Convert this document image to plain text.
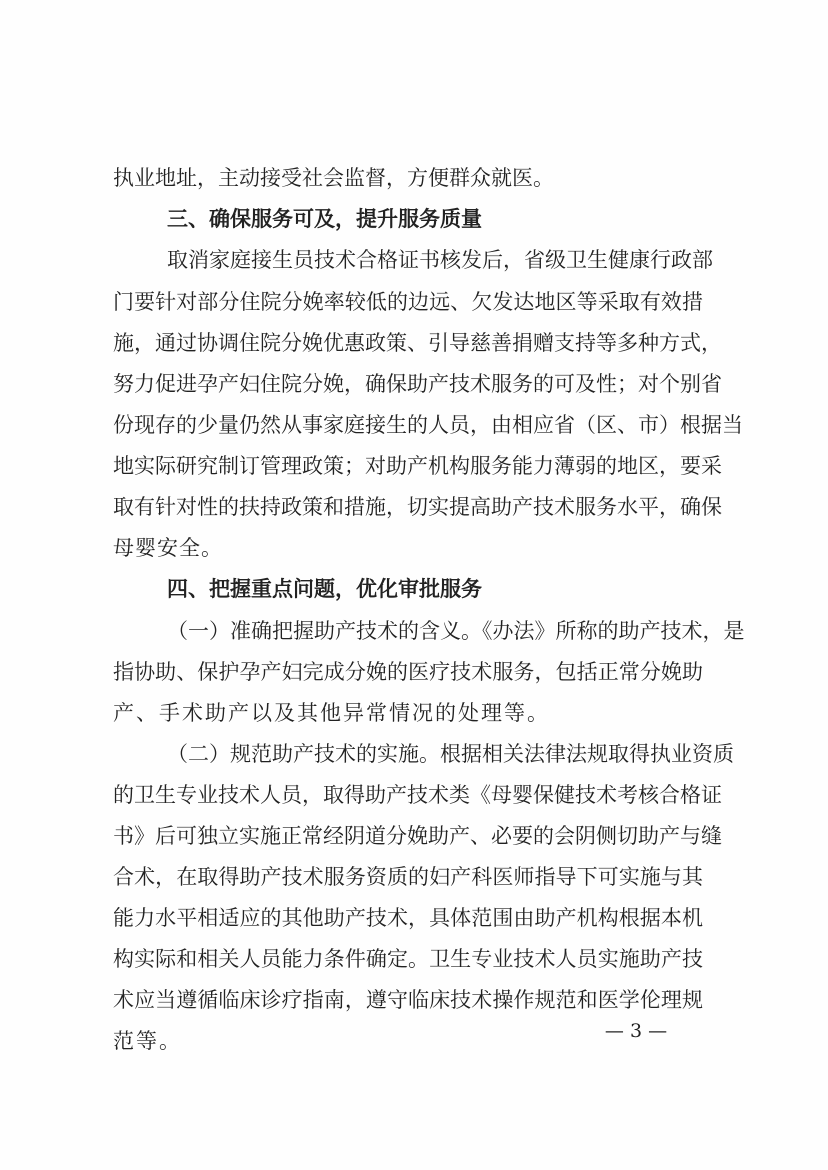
执业地址，主动接受社会监督，方便群众就医。
三、确保服务可及，提升服务质量
取消家庭接生员技术合格证书核发后，省级卫生健康行政部
门要针对部分住院分娩率较低的边远、欠发达地区等采取有效措
施，通过协调住院分娩优惠政策、引导慈善捐赠支持等多种方式，
努力促进孕产妇住院分娩，确保助产技术服务的可及性；对个别省
份现存的少量仍然从事家庭接生的人员，由相应省（区、市）根据当
地实际研究制订管理政策；对助产机构服务能力薄弱的地区，要采
取有针对性的扶持政策和措施，切实提高助产技术服务水平，确保
母婴安全。
四、把握重点问题，优化审批服务
（一）准确把握助产技术的含义。《办法》所称的助产技术，是
指协助、保护孕产妇完成分娩的医疗技术服务，包括正常分娩助
产、手术助产以及其他异常情况的处理等。
（二）规范助产技术的实施。根据相关法律法规取得执业资质
的卫生专业技术人员，取得助产技术类《母婴保健技术考核合格证
书》后可独立实施正常经阴道分娩助产、必要的会阴侧切助产与缝
合术，在取得助产技术服务资质的妇产科医师指导下可实施与其
能力水平相适应的其他助产技术，具体范围由助产机构根据本机
构实际和相关人员能力条件确定。卫生专业技术人员实施助产技
术应当遵循临床诊疗指南，遵守临床技术操作规范和医学伦理规
范等。	— 3 —
